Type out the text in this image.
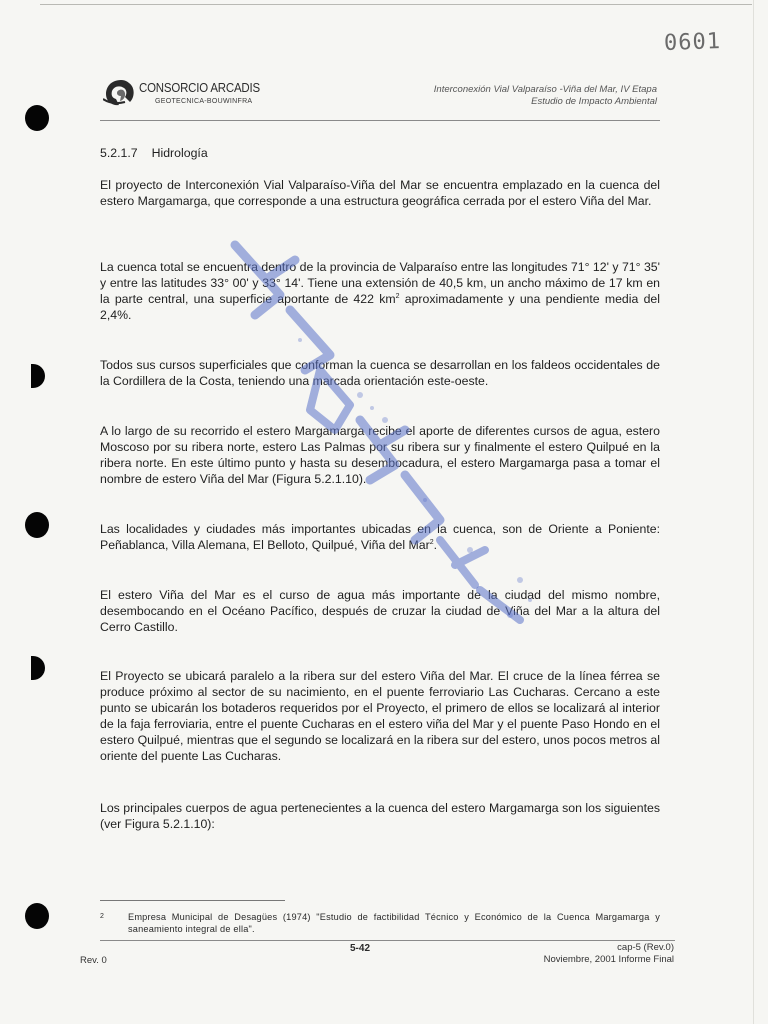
0601
CONSORCIO ARCADIS
GEOTECNICA-BOUWINFRA
Interconexión Vial Valparaíso -Viña del Mar, IV Etapa
Estudio de Impacto Ambiental
5.2.1.7 Hidrología

El proyecto de Interconexión Vial Valparaíso-Viña del Mar se encuentra emplazado en la cuenca del estero Margamarga, que corresponde a una estructura geográfica cerrada por el estero Viña del Mar.

La cuenca total se encuentra dentro de la provincia de Valparaíso entre las longitudes 71° 12' y 71° 35' y entre las latitudes 33° 00' y 33° 14'. Tiene una extensión de 40,5 km, un ancho máximo de 17 km en la parte central, una superficie aportante de 422 $km^2$ aproximadamente y una pendiente media del 2,4%.

Todos sus cursos superficiales que conforman la cuenca se desarrollan en los faldeos occidentales de la Cordillera de la Costa, teniendo una marcada orientación este-oeste.

A lo largo de su recorrido el estero Margamarga recibe el aporte de diferentes cursos de agua, estero Moscoso por su ribera norte, estero Las Palmas por su ribera sur y finalmente el estero Quilpué en la ribera norte. En este último punto y hasta su desembocadura, el estero Margamarga pasa a tomar el nombre de estero Viña del Mar (Figura 5.2.1.10).

Las localidades y ciudades más importantes ubicadas en la cuenca, son de Oriente a Poniente: Peñablanca, Villa Alemana, El Belloto, Quilpué, Viña del Mar$^2$.

El estero Viña del Mar es el curso de agua más importante de la ciudad del mismo nombre, desembocando en el Océano Pacífico, después de cruzar la ciudad de Viña del Mar a la altura del Cerro Castillo.

El Proyecto se ubicará paralelo a la ribera sur del estero Viña del Mar. El cruce de la línea férrea se produce próximo al sector de su nacimiento, en el puente ferroviario Las Cucharas. Cercano a este punto se ubicarán los botaderos requeridos por el Proyecto, el primero de ellos se localizará al interior de la faja ferroviaria, entre el puente Cucharas en el estero viña del Mar y el puente Paso Hondo en el estero Quilpué, mientras que el segundo se localizará en la ribera sur del estero, unos pocos metros al oriente del puente Las Cucharas.

Los principales cuerpos de agua pertenecientes a la cuenca del estero Margamarga son los siguientes (ver Figura 5.2.1.10):

2	Empresa Municipal de Desagües (1974) "Estudio de factibilidad Técnico y Económico de la Cuenca Margamarga y saneamiento integral de ella".
5-42
Rev. 0
cap-5 (Rev.0)
Noviembre, 2001 Informe Final
